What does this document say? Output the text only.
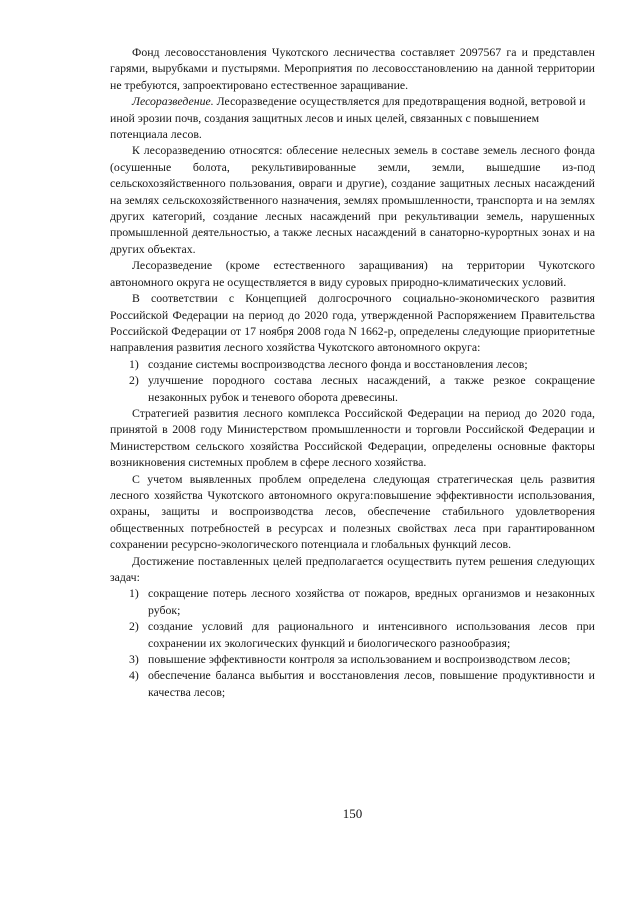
Фонд лесовосстановления Чукотского лесничества составляет 2097567 га и представлен гарями, вырубками и пустырями. Мероприятия по лесовосстановлению на данной территории не требуются, запроектировано естественное заращивание.

Лесоразведение. Лесоразведение осуществляется для предотвращения водной, ветровой и иной эрозии почв, создания защитных лесов и иных целей, связанных с повышением потенциала лесов.

К лесоразведению относятся: облесение нелесных земель в составе земель лесного фонда (осушенные болота, рекультивированные земли, земли, вышедшие из-под сельскохозяйственного пользования, овраги и другие), создание защитных лесных насаждений на землях сельскохозяйственного назначения, землях промышленности, транспорта и на землях других категорий, создание лесных насаждений при рекультивации земель, нарушенных промышленной деятельностью, а также лесных насаждений в санаторно-курортных зонах и на других объектах.

Лесоразведение (кроме естественного заращивания) на территории Чукотского автономного округа не осуществляется в виду суровых природно-климатических условий.

В соответствии с Концепцией долгосрочного социально-экономического развития Российской Федерации на период до 2020 года, утвержденной Распоряжением Правительства Российской Федерации от 17 ноября 2008 года N 1662-р, определены следующие приоритетные направления развития лесного хозяйства Чукотского автономного округа:

1) создание системы воспроизводства лесного фонда и восстановления лесов;
2) улучшение породного состава лесных насаждений, а также резкое сокращение незаконных рубок и теневого оборота древесины.

Стратегией развития лесного комплекса Российской Федерации на период до 2020 года, принятой в 2008 году Министерством промышленности и торговли Российской Федерации и Министерством сельского хозяйства Российской Федерации, определены основные факторы возникновения системных проблем в сфере лесного хозяйства.

С учетом выявленных проблем определена следующая стратегическая цель развития лесного хозяйства Чукотского автономного округа:повышение эффективности использования, охраны, защиты и воспроизводства лесов, обеспечение стабильного удовлетворения общественных потребностей в ресурсах и полезных свойствах леса при гарантированном сохранении ресурсно-экологического потенциала и глобальных функций лесов.

Достижение поставленных целей предполагается осуществить путем решения следующих задач:

1) сокращение потерь лесного хозяйства от пожаров, вредных организмов и незаконных рубок;
2) создание условий для рационального и интенсивного использования лесов при сохранении их экологических функций и биологического разнообразия;
3) повышение эффективности контроля за использованием и воспроизводством лесов;
4) обеспечение баланса выбытия и восстановления лесов, повышение продуктивности и качества лесов;
150
